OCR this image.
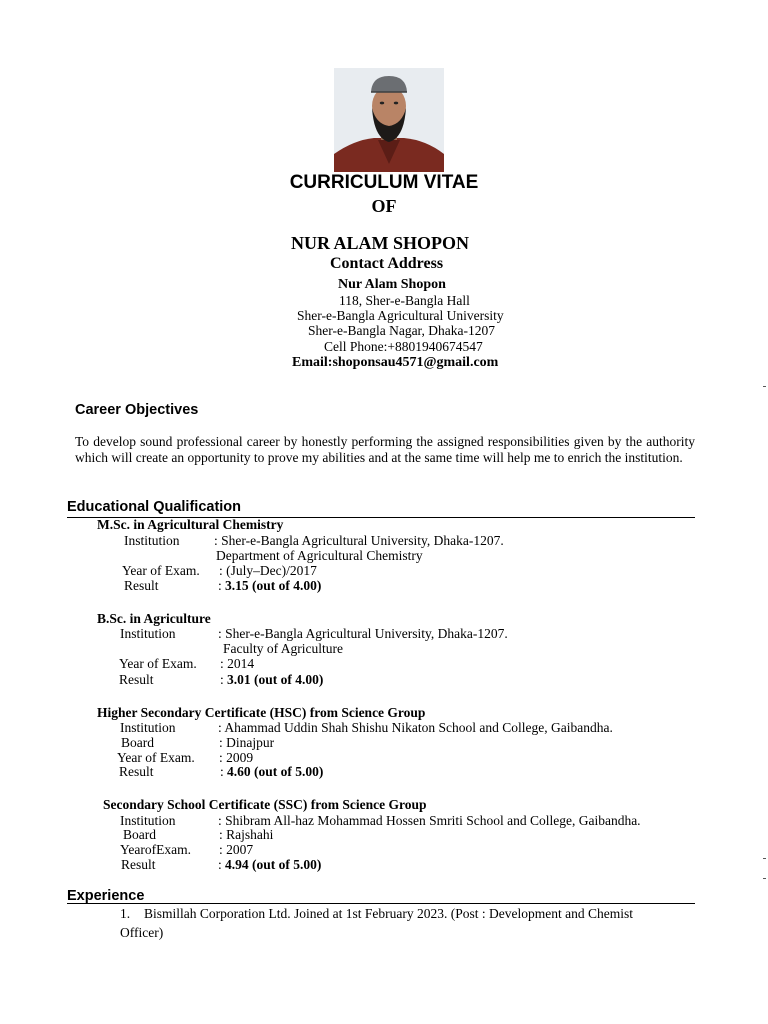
CURRICULUM VITAE
OF
NUR ALAM SHOPON
Contact Address
Nur Alam Shopon
118, Sher-e-Bangla Hall
Sher-e-Bangla Agricultural University
Sher-e-Bangla Nagar, Dhaka-1207
Cell Phone:+8801940674547
Email:shoponsau4571@gmail.com
Career Objectives
To develop sound professional career by honestly performing the assigned responsibilities given by the authority which will create an opportunity to prove my abilities and at the same time will help me to enrich the institution.
Educational Qualification
M.Sc. in Agricultural Chemistry
Institution	: Sher-e-Bangla Agricultural University, Dhaka-1207.
Department of Agricultural Chemistry
Year of Exam. : (July–Dec)/2017
Result	: 3.15 (out of 4.00)
B.Sc. in Agriculture
Institution	: Sher-e-Bangla Agricultural University, Dhaka-1207.
Faculty of Agriculture
Year of Exam. : 2014
Result	: 3.01 (out of 4.00)
Higher Secondary Certificate (HSC) from Science Group
Institution	: Ahammad Uddin Shah Shishu Nikaton School and College, Gaibandha.
Board	: Dinajpur
Year of Exam. : 2009
Result	: 4.60 (out of 5.00)
Secondary School Certificate (SSC) from Science Group
Institution	: Shibram All-haz Mohammad Hossen Smriti School and College, Gaibandha.
Board	: Rajshahi
YearofExam. : 2007
Result	: 4.94 (out of 5.00)
Experience
1. Bismillah Corporation Ltd. Joined at 1st February 2023. (Post : Development and Chemist
Officer)
